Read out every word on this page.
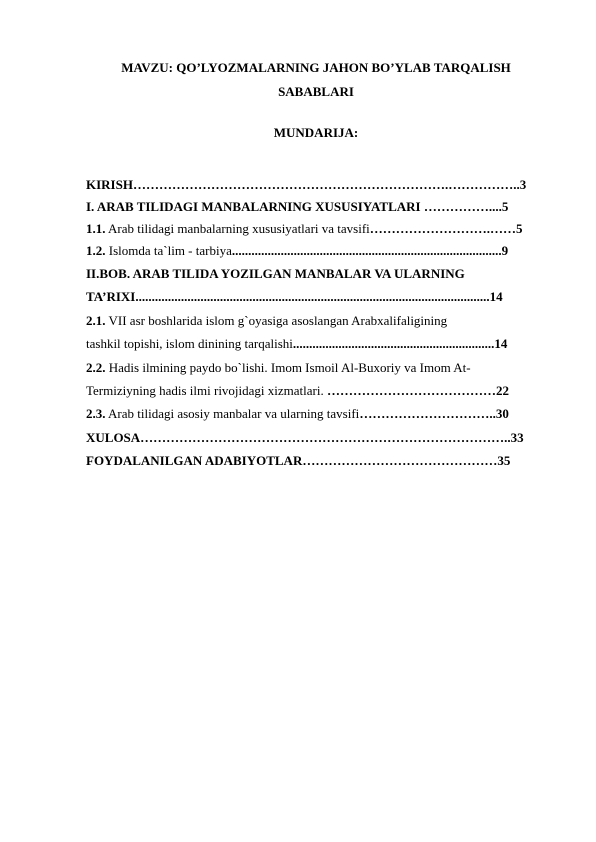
MAVZU: QO’LYOZMALARNING JAHON BO’YLAB TARQALISH
SABABLARI
MUNDARIJA:
KIRISH……………………………………………………………….……………..3
I. ARAB TILIDAGI MANBALARNING XUSUSIYATLARI ……………....5
1.1. Arab tilidagi manbalarning xususiyatlari va tavsifi……………………….……5
1.2. Islomda ta`lim - tarbiya...................................................................................9
II.BOB. ARAB TILIDA YOZILGAN MANBALAR VA ULARNING
TA’RIXI.............................................................................................................14
2.1. VII asr boshlarida islom g`oyasiga asoslangan Arabxalifaligining
tashkil topishi, islom dinining tarqalishi..............................................................14
2.2. Hadis ilmining paydo bo`lishi. Imom Ismoil Al-Buxoriy va Imom At-
Termiziyning hadis ilmi rivojidagi xizmatlari. …………………………………22
2.3. Arab tilidagi asosiy manbalar va ularning tavsifi…………………………..30
XULOSA…………………………………………………………………………..33
FOYDALANILGAN ADABIYOTLAR………………………………………35
